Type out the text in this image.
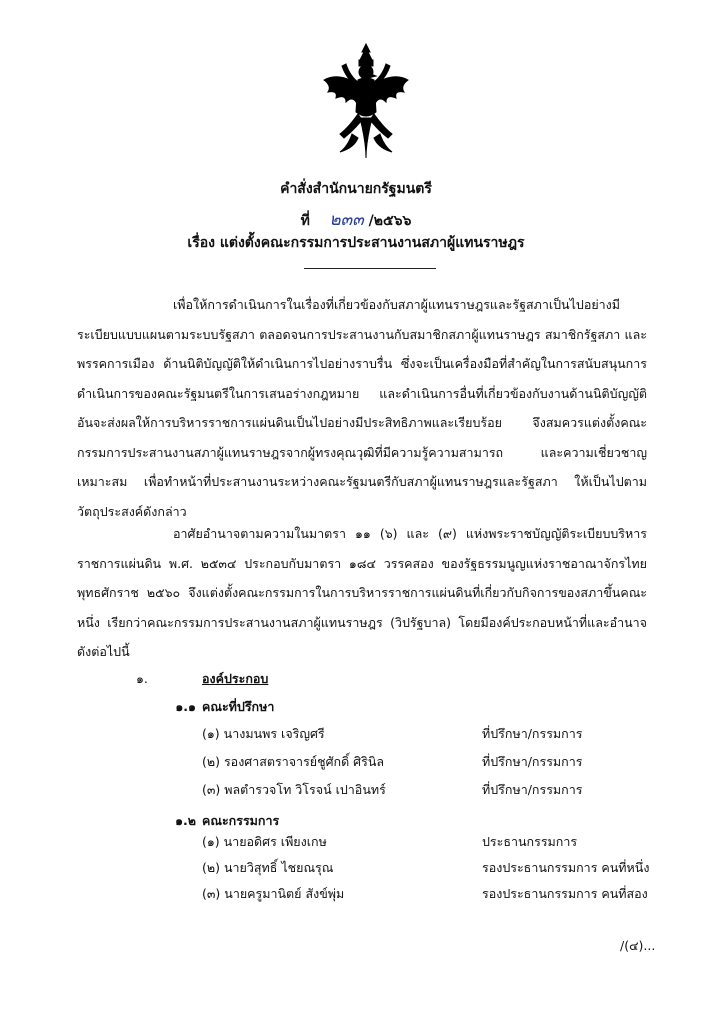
คำสั่งสำนักนายกรัฐมนตรี
ที่ ๒๓๓ /๒๕๖๖
เรื่อง แต่งตั้งคณะกรรมการประสานงานสภาผู้แทนราษฎร
เพื่อให้การดำเนินการในเรื่องที่เกี่ยวข้องกับสภาผู้แทนราษฎรและรัฐสภาเป็นไปอย่างมีระเบียบแบบแผนตามระบบรัฐสภา ตลอดจนการประสานงานกับสมาชิกสภาผู้แทนราษฎร สมาชิกรัฐสภา และพรรคการเมือง ด้านนิติบัญญัติให้ดำเนินการไปอย่างราบรื่น ซึ่งจะเป็นเครื่องมือที่สำคัญในการสนับสนุนการดำเนินการของคณะรัฐมนตรีในการเสนอร่างกฎหมาย และดำเนินการอื่นที่เกี่ยวข้องกับงานด้านนิติบัญญัติอันจะส่งผลให้การบริหารราชการแผ่นดินเป็นไปอย่างมีประสิทธิภาพและเรียบร้อย จึงสมควรแต่งตั้งคณะกรรมการประสานงานสภาผู้แทนราษฎรจากผู้ทรงคุณวุฒิที่มีความรู้ความสามารถ และความเชี่ยวชาญเหมาะสม เพื่อทำหน้าที่ประสานงานระหว่างคณะรัฐมนตรีกับสภาผู้แทนราษฎรและรัฐสภา ให้เป็นไปตามวัตถุประสงค์ดังกล่าว
อาศัยอำนาจตามความในมาตรา ๑๑ (๖) และ (๙) แห่งพระราชบัญญัติระเบียบบริหารราชการแผ่นดิน พ.ศ. ๒๕๓๔ ประกอบกับมาตรา ๑๘๔ วรรคสอง ของรัฐธรรมนูญแห่งราชอาณาจักรไทย พุทธศักราช ๒๕๖๐ จึงแต่งตั้งคณะกรรมการในการบริหารราชการแผ่นดินที่เกี่ยวกับกิจการของสภาขึ้นคณะหนึ่ง เรียกว่าคณะกรรมการประสานงานสภาผู้แทนราษฎร (วิปรัฐบาล) โดยมีองค์ประกอบหน้าที่และอำนาจ ดังต่อไปนี้
๑.	องค์ประกอบ
๑.๑ คณะที่ปรึกษา
(๑) นางมนพร เจริญศรี	ที่ปรึกษา/กรรมการ
(๒) รองศาสตราจารย์ชูศักดิ์ ศิรินิล	ที่ปรึกษา/กรรมการ
(๓) พลตำรวจโท วิโรจน์ เปาอินทร์	ที่ปรึกษา/กรรมการ
๑.๒ คณะกรรมการ
(๑) นายอดิศร เพียงเกษ	ประธานกรรมการ
(๒) นายวิสุทธิ์ ไชยณรุณ	รองประธานกรรมการ คนที่หนึ่ง
(๓) นายครูมานิตย์ สังข์พุ่ม	รองประธานกรรมการ คนที่สอง
/(๔)...
